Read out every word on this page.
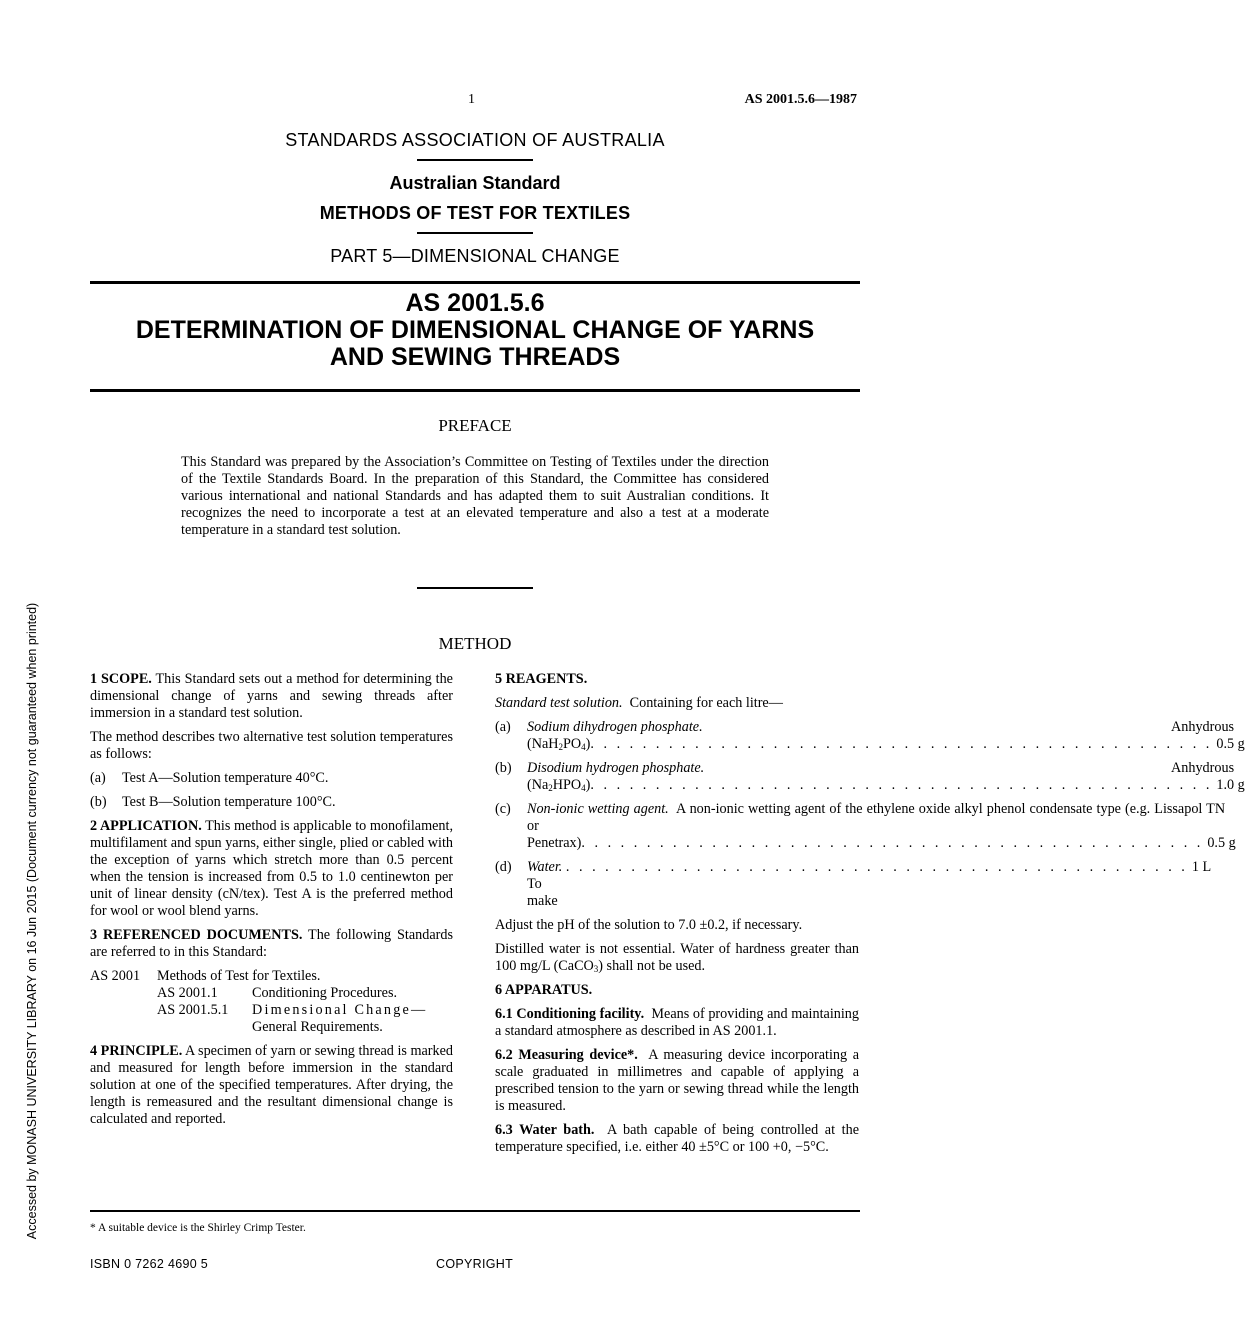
1	AS 2001.5.6—1987
STANDARDS ASSOCIATION OF AUSTRALIA
Australian Standard
METHODS OF TEST FOR TEXTILES
PART 5—DIMENSIONAL CHANGE
AS 2001.5.6
DETERMINATION OF DIMENSIONAL CHANGE OF YARNS
AND SEWING THREADS
PREFACE
This Standard was prepared by the Association’s Committee on Testing of Textiles under the direction of the Textile Standards Board. In the preparation of this Standard, the Committee has considered various international and national Standards and has adapted them to suit Australian conditions. It recognizes the need to incorporate a test at an elevated temperature and also a test at a moderate temperature in a standard test solution.
METHOD

1 SCOPE. This Standard sets out a method for determining the dimensional change of yarns and sewing threads after immersion in a standard test solution.

The method describes two alternative test solution temperatures as follows:

(a)	Test A—Solution temperature 40°C.
(b)	Test B—Solution temperature 100°C.

2 APPLICATION. This method is applicable to monofilament, multifilament and spun yarns, either single, plied or cabled with the exception of yarns which stretch more than 0.5 percent when the tension is increased from 0.5 to 1.0 centinewton per unit of linear density (cN/tex). Test A is the preferred method for wool or wool blend yarns.

3 REFERENCED DOCUMENTS. The following Standards are referred to in this Standard:

AS 2001	Methods of Test for Textiles.
AS 2001.1	Conditioning Procedures.
AS 2001.5.1	Dimensional Change—
General Requirements.

4 PRINCIPLE. A specimen of yarn or sewing thread is marked and measured for length before immersion in the standard solution at one of the specified temperatures. After drying, the length is remeasured and the resultant dimensional change is calculated and reported.

5 REAGENTS.

Standard test solution. Containing for each litre—

(a)	Sodium dihydrogen phosphate.	Anhydrous
$(NaH_2PO_4)$ . . . . . . . . . . . . . . . . . . . . . . . . . . . . . . . . . . . . . . . . . . . . . . . . 0.5 g
(b)	Disodium hydrogen phosphate.	Anhydrous
$(Na_2HPO_4)$ . . . . . . . . . . . . . . . . . . . . . . . . . . . . . . . . . . . . . . . . . . . . . . . . 1.0 g
(c)	Non-ionic wetting agent. A non-ionic wetting agent of the ethylene oxide alkyl phenol condensate type (e.g. Lissapol TN or
Penetrax) . . . . . . . . . . . . . . . . . . . . . . . . . . . . . . . . . . . . . . . . . . . . . . . . 0.5 g
(d)	Water.  To make
. . . . . . . . . . . . . . . . . . . . . . . . . . . . . . . . . . . . . . . . . . . . . . . . 1 L

Adjust the pH of the solution to 7.0 ±0.2, if necessary.

Distilled water is not essential. Water of hardness greater than 100 mg/L (CaCO$_3$) shall not be used.

6 APPARATUS.

6.1 Conditioning facility. Means of providing and maintaining a standard atmosphere as described in AS 2001.1.

6.2 Measuring device*. A measuring device incorporating a scale graduated in millimetres and capable of applying a prescribed tension to the yarn or sewing thread while the length is measured.

6.3 Water bath. A bath capable of being controlled at the temperature specified, i.e. either 40 ±5°C or 100 +0, −5°C.

* A suitable device is the Shirley Crimp Tester.
ISBN 0 7262 4690 5	COPYRIGHT
Accessed by MONASH UNIVERSITY LIBRARY on 16 Jun 2015 (Document currency not guaranteed when printed)
